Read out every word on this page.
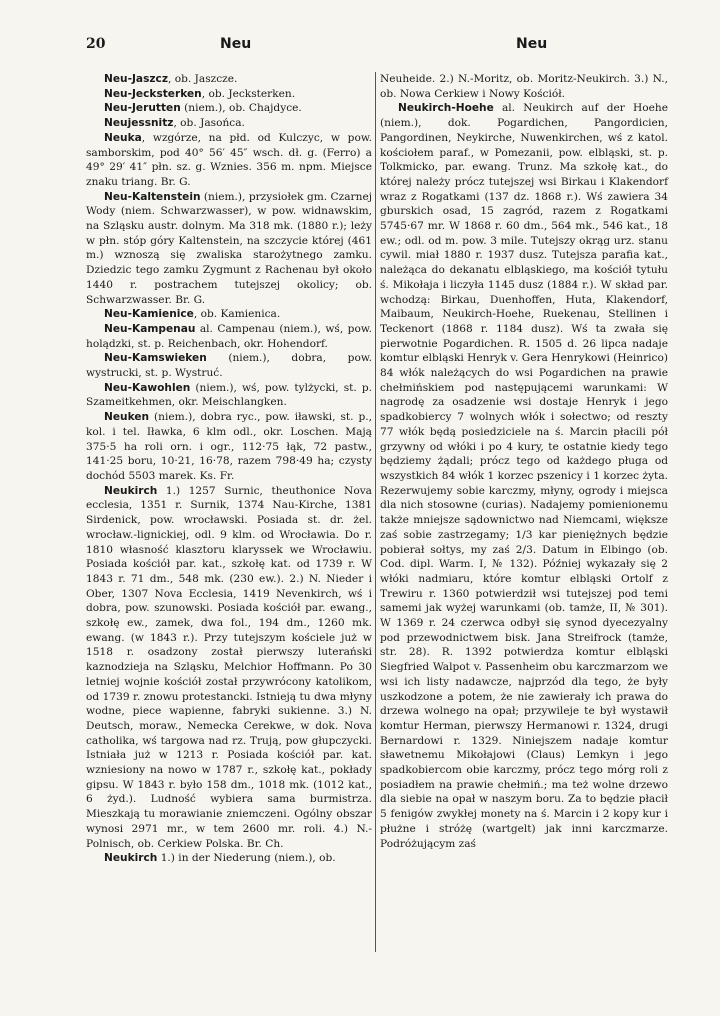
20	Neu	Neu

Neu-Jaszcz, ob. Jaszcze.

Neu-Jecksterken, ob. Jecksterken.

Neu-Jerutten (niem.), ob. Chajdyce.

Neujessnitz, ob. Jasońca.

Neuka, wzgórze, na płd. od Kulczyc, w pow. samborskim, pod 40° 56′ 45″ wsch. dł. g. (Ferro) a 49° 29′ 41″ płn. sz. g. Wznies. 356 m. npm. Miejsce znaku triang. Br. G.

Neu-Kaltenstein (niem.), przysiołek gm. Czarnej Wody (niem. Schwarzwasser), w pow. widnawskim, na Szląsku austr. dolnym. Ma 318 mk. (1880 r.); leży w płn. stóp góry Kaltenstein, na szczycie której (461 m.) wznoszą się zwaliska starożytnego zamku. Dziedzic tego zamku Zygmunt z Rachenau był około 1440 r. postrachem tutejszej okolicy; ob. Schwarzwasser. Br. G.

Neu-Kamienice, ob. Kamienica.

Neu-Kampenau al. Campenau (niem.), wś, pow. holądzki, st. p. Reichenbach, okr. Hohendorf.

Neu-Kamswieken (niem.), dobra, pow. wystrucki, st. p. Wystruć.

Neu-Kawohlen (niem.), wś, pow. tylżycki, st. p. Szameitkehmen, okr. Meischlangken.

Neuken (niem.), dobra ryc., pow. iławski, st. p., kol. i tel. Iławka, 6 klm odl., okr. Loschen. Mają 375·5 ha roli orn. i ogr., 112·75 łąk, 72 pastw., 141·25 boru, 10·21, 16·78, razem 798·49 ha; czysty dochód 5503 marek. Ks. Fr.

Neukirch 1.) 1257 Surnic, theuthonice Nova ecclesia, 1351 r. Surnik, 1374 Nau-Kirche, 1381 Sirdenick, pow. wrocławski. Posiada st. dr. żel. wrocław.-lignickiej, odl. 9 klm. od Wrocławia. Do r. 1810 własność klasztoru klaryssek we Wrocławiu. Posiada kościół par. kat., szkołę kat. od 1739 r. W 1843 r. 71 dm., 548 mk. (230 ew.). 2.) N. Nieder i Ober, 1307 Nova Ecclesia, 1419 Nevenkirch, wś i dobra, pow. szunowski. Posiada kościół par. ewang., szkołę ew., zamek, dwa fol., 194 dm., 1260 mk. ewang. (w 1843 r.). Przy tutejszym kościele już w 1518 r. osadzony został pierwszy luterański kaznodzieja na Szląsku, Melchior Hoffmann. Po 30 letniej wojnie kościół został przywrócony katolikom, od 1739 r. znowu protestancki. Istnieją tu dwa młyny wodne, piece wapienne, fabryki sukienne. 3.) N. Deutsch, moraw., Nemecka Cerekwe, w dok. Nova catholika, wś targowa nad rz. Trują, pow głupczycki. Istniała już w 1213 r. Posiada kościół par. kat. wzniesiony na nowo w 1787 r., szkołę kat., pokłady gipsu. W 1843 r. było 158 dm., 1018 mk. (1012 kat., 6 żyd.). Ludność wybiera sama burmistrza. Mieszkają tu morawianie zniemczeni. Ogólny obszar wynosi 2971 mr., w tem 2600 mr. roli. 4.) N.-Polnisch, ob. Cerkiew Polska. Br. Ch.

Neukirch 1.) in der Niederung (niem.), ob.

Neuheide. 2.) N.-Moritz, ob. Moritz-Neukirch. 3.) N., ob. Nowa Cerkiew i Nowy Kościół.

Neukirch-Hoehe al. Neukirch auf der Hoehe (niem.), dok. Pogardichen, Pangordicien, Pangordinen, Neykirche, Nuwenkirchen, wś z katol. kościołem paraf., w Pomezanii, pow. elbląski, st. p. Tolkmicko, par. ewang. Trunz. Ma szkołę kat., do której należy prócz tutejszej wsi Birkau i Klakendorf wraz z Rogatkami (137 dz. 1868 r.). Wś zawiera 34 gburskich osad, 15 zagród, razem z Rogatkami 5745·67 mr. W 1868 r. 60 dm., 564 mk., 546 kat., 18 ew.; odl. od m. pow. 3 mile. Tutejszy okrąg urz. stanu cywil. miał 1880 r. 1937 dusz. Tutejsza parafia kat., należąca do dekanatu elbląskiego, ma kościół tytułu ś. Mikołaja i liczyła 1145 dusz (1884 r.). W skład par. wchodzą: Birkau, Duenhoffen, Huta, Klakendorf, Maibaum, Neukirch-Hoehe, Ruekenau, Stellinen i Teckenort (1868 r. 1184 dusz). Wś ta zwała się pierwotnie Pogardichen. R. 1505 d. 26 lipca nadaje komtur elbląski Henryk v. Gera Henrykowi (Heinrico) 84 włók należących do wsi Pogardichen na prawie chełmińskiem pod następującemi warunkami: W nagrodę za osadzenie wsi dostaje Henryk i jego spadkobiercy 7 wolnych włók i sołectwo; od reszty 77 włók będą posiedziciele na ś. Marcin płacili pół grzywny od włóki i po 4 kury, te ostatnie kiedy tego będziemy żądali; prócz tego od każdego pługa od wszystkich 84 włók 1 korzec pszenicy i 1 korzec żyta. Rezerwujemy sobie karczmy, młyny, ogrody i miejsca dla nich stosowne (curias). Nadajemy pomienionemu także mniejsze sądownictwo nad Niemcami, większe zaś sobie zastrzegamy; 1/3 kar pieniężnych będzie pobierał sołtys, my zaś 2/3. Datum in Elbingo (ob. Cod. dipl. Warm. I, № 132). Później wykazały się 2 włóki nadmiaru, które komtur elbląski Ortolf z Trewiru r. 1360 potwierdził wsi tutejszej pod temi samemi jak wyżej warunkami (ob. tamże, II, № 301). W 1369 r. 24 czerwca odbył się synod dyecezyalny pod przewodnictwem bisk. Jana Streifrock (tamże, str. 28). R. 1392 potwierdza komtur elbląski Siegfried Walpot v. Passenheim obu karczmarzom we wsi ich listy nadawcze, najprzód dla tego, że były uszkodzone a potem, że nie zawierały ich prawa do drzewa wolnego na opał; przywileje te był wystawił komtur Herman, pierwszy Hermanowi r. 1324, drugi Bernardowi r. 1329. Niniejszem nadaje komtur sławetnemu Mikołajowi (Claus) Lemkyn i jego spadkobiercom obie karczmy, prócz tego mórg roli z posiadłem na prawie chełmiń.; ma też wolne drzewo dla siebie na opał w naszym boru. Za to będzie płacił 5 fenigów zwykłej monety na ś. Marcin i 2 kopy kur i płużne i stróżę (wartgelt) jak inni karczmarze. Podróżującym zaś
